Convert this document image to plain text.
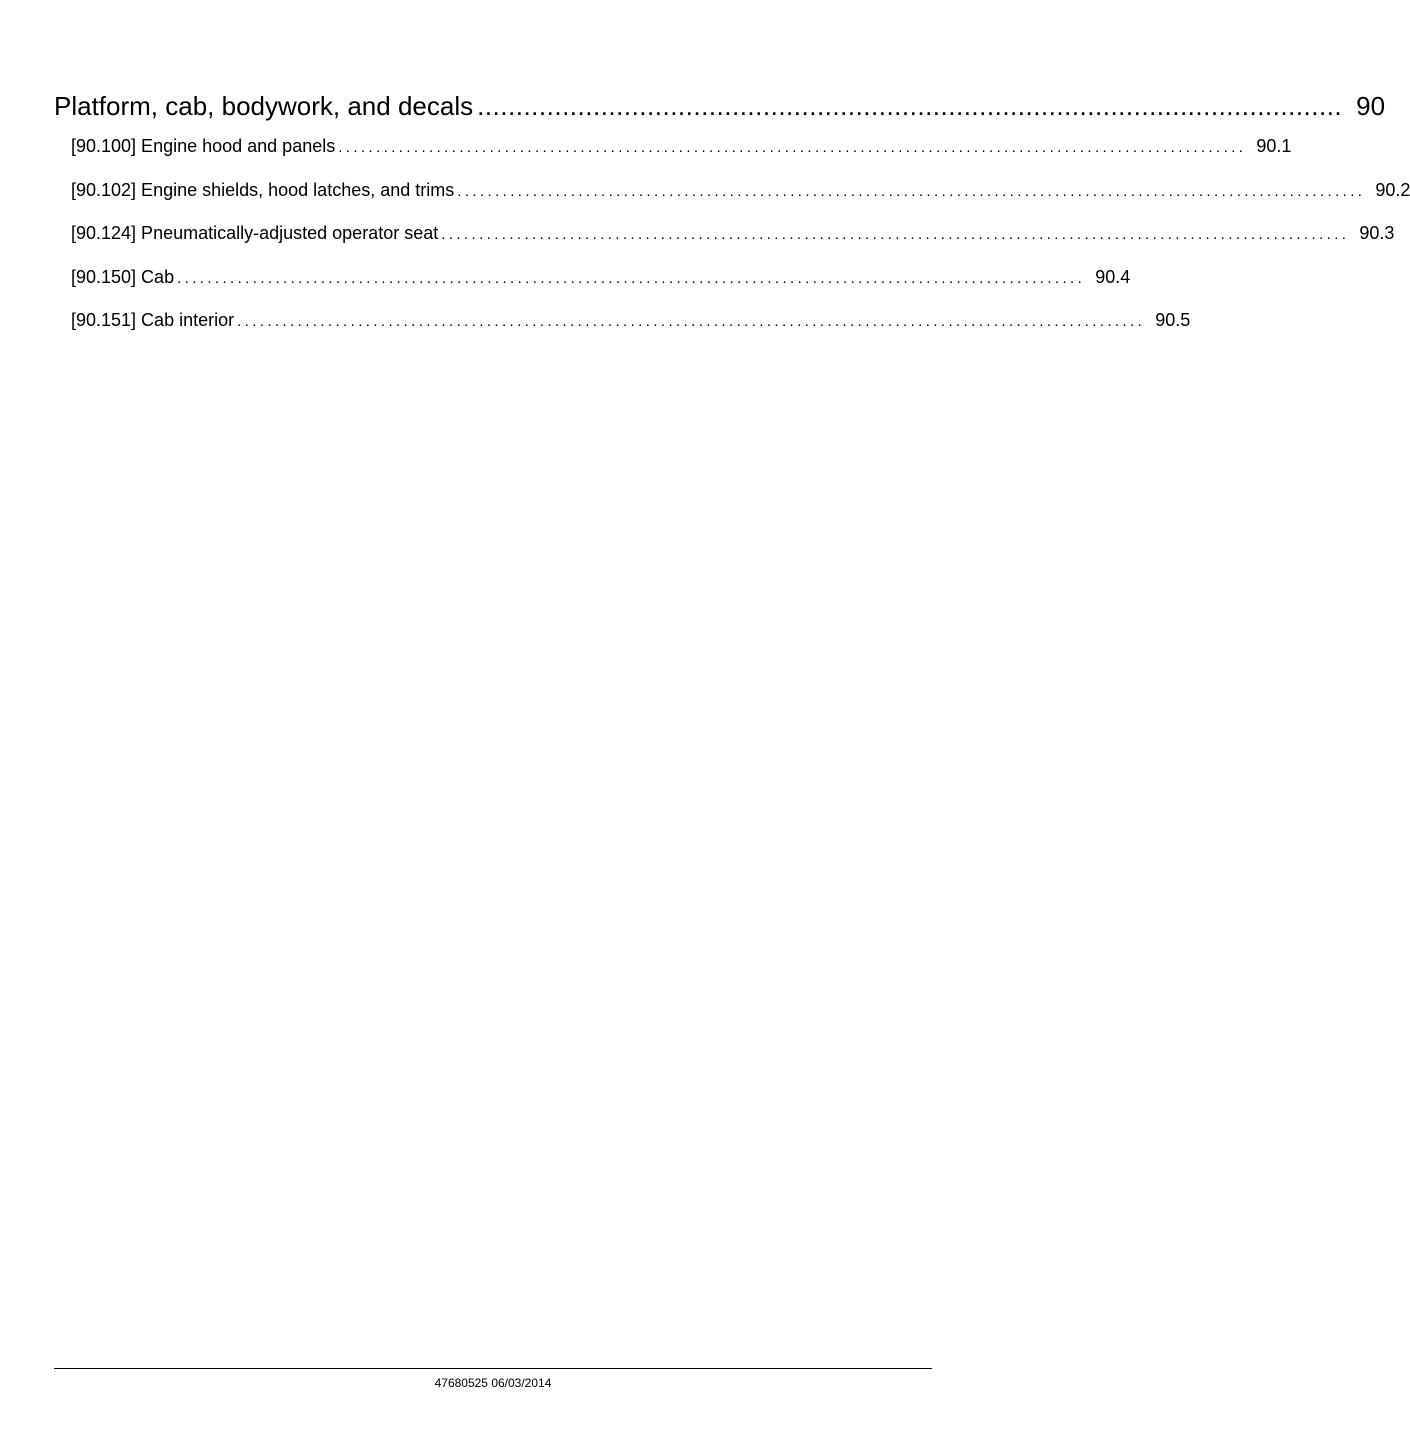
Platform, cab, bodywork, and decals ................................................................................................................ 90
[90.100] Engine hood and panels ........................................................................................................................ 90.1
[90.102] Engine shields, hood latches, and trims ........................................................................................................................ 90.2
[90.124] Pneumatically-adjusted operator seat ........................................................................................................................ 90.3
[90.150] Cab ........................................................................................................................ 90.4
[90.151] Cab interior ........................................................................................................................ 90.5
47680525 06/03/2014
